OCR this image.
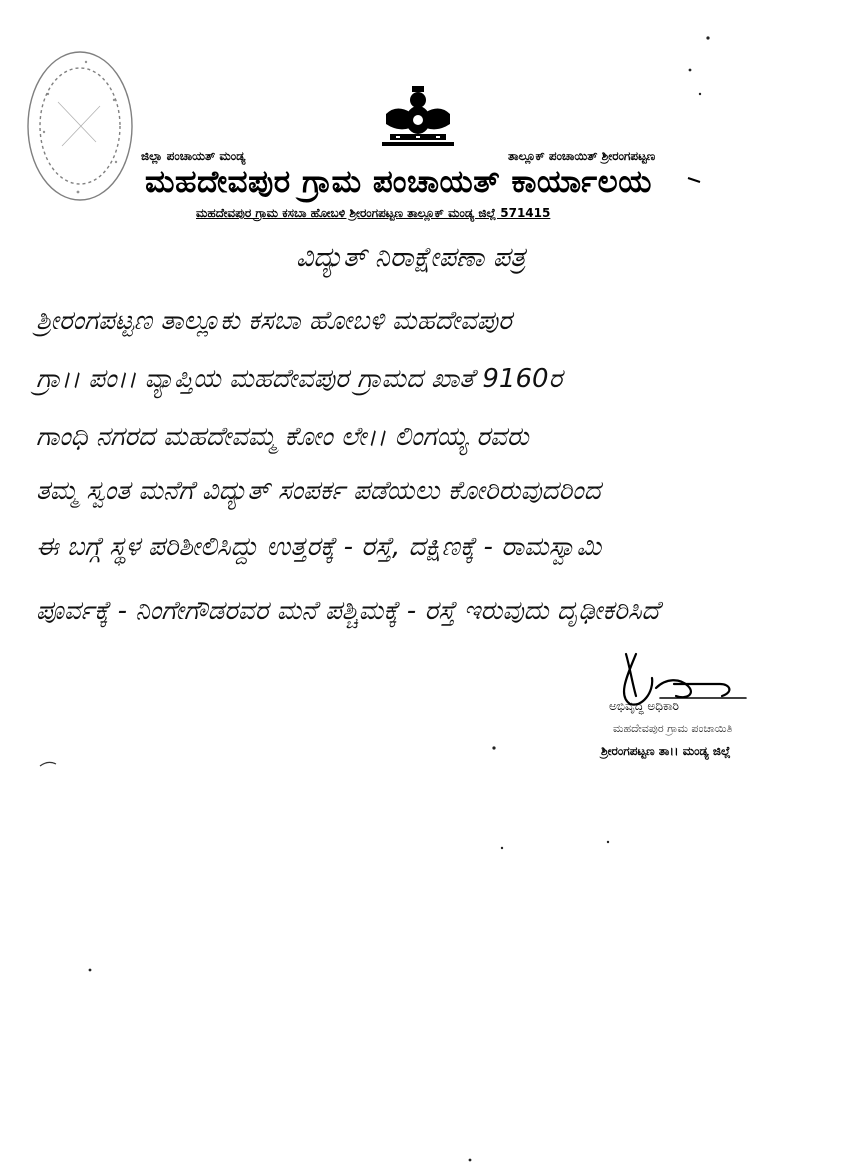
ಜಿಲ್ಲಾ ಪಂಚಾಯತ್ ಮಂಡ್ಯ	ತಾಲ್ಲೂಕ್ ಪಂಚಾಯಿತ್ ಶ್ರೀರಂಗಪಟ್ಟಣ
ಮಹದೇವಪುರ ಗ್ರಾಮ ಪಂಚಾಯತ್ ಕಾರ್ಯಾಲಯ
ಮಹದೇವಪುರ ಗ್ರಾಮ ಕಸಬಾ ಹೋಬಳಿ ಶ್ರೀರಂಗಪಟ್ಟಣ ತಾಲ್ಲೂಕ್ ಮಂಡ್ಯ ಜಿಲ್ಲೆ 571415
ವಿದ್ಯುತ್ ನಿರಾಕ್ಷೇಪಣಾ ಪತ್ರ
ಶ್ರೀರಂಗಪಟ್ಟಣ ತಾಲ್ಲೂಕು ಕಸಬಾ ಹೋಬಳಿ ಮಹದೇವಪುರ
ಗ್ರಾ।। ಪಂ।। ವ್ಯಾಪ್ತಿಯ ಮಹದೇವಪುರ ಗ್ರಾಮದ ಖಾತೆ 9160ರ
ಗಾಂಧಿ ನಗರದ ಮಹದೇವಮ್ಮ ಕೋಂ ಲೇ।। ಲಿಂಗಯ್ಯ ರವರು
ತಮ್ಮ ಸ್ವಂತ ಮನೆಗೆ ವಿದ್ಯುತ್ ಸಂಪರ್ಕ ಪಡೆಯಲು ಕೋರಿರುವುದರಿಂದ
ಈ ಬಗ್ಗೆ ಸ್ಥಳ ಪರಿಶೀಲಿಸಿದ್ದು ಉತ್ತರಕ್ಕೆ - ರಸ್ತೆ, ದಕ್ಷಿಣಕ್ಕೆ - ರಾಮಸ್ವಾಮಿ
ಪೂರ್ವಕ್ಕೆ - ನಿಂಗೇಗೌಡರವರ ಮನೆ ಪಶ್ಚಿಮಕ್ಕೆ - ರಸ್ತೆ ಇರುವುದು ದೃಢೀಕರಿಸಿದೆ
ಅಭಿವೃದ್ಧಿ ಅಧಿಕಾರಿ
ಮಹದೇವಪುರ ಗ್ರಾಮ ಪಂಚಾಯಿತಿ
ಶ್ರೀರಂಗಪಟ್ಟಣ ತಾ।। ಮಂಡ್ಯ ಜಿಲ್ಲೆ
